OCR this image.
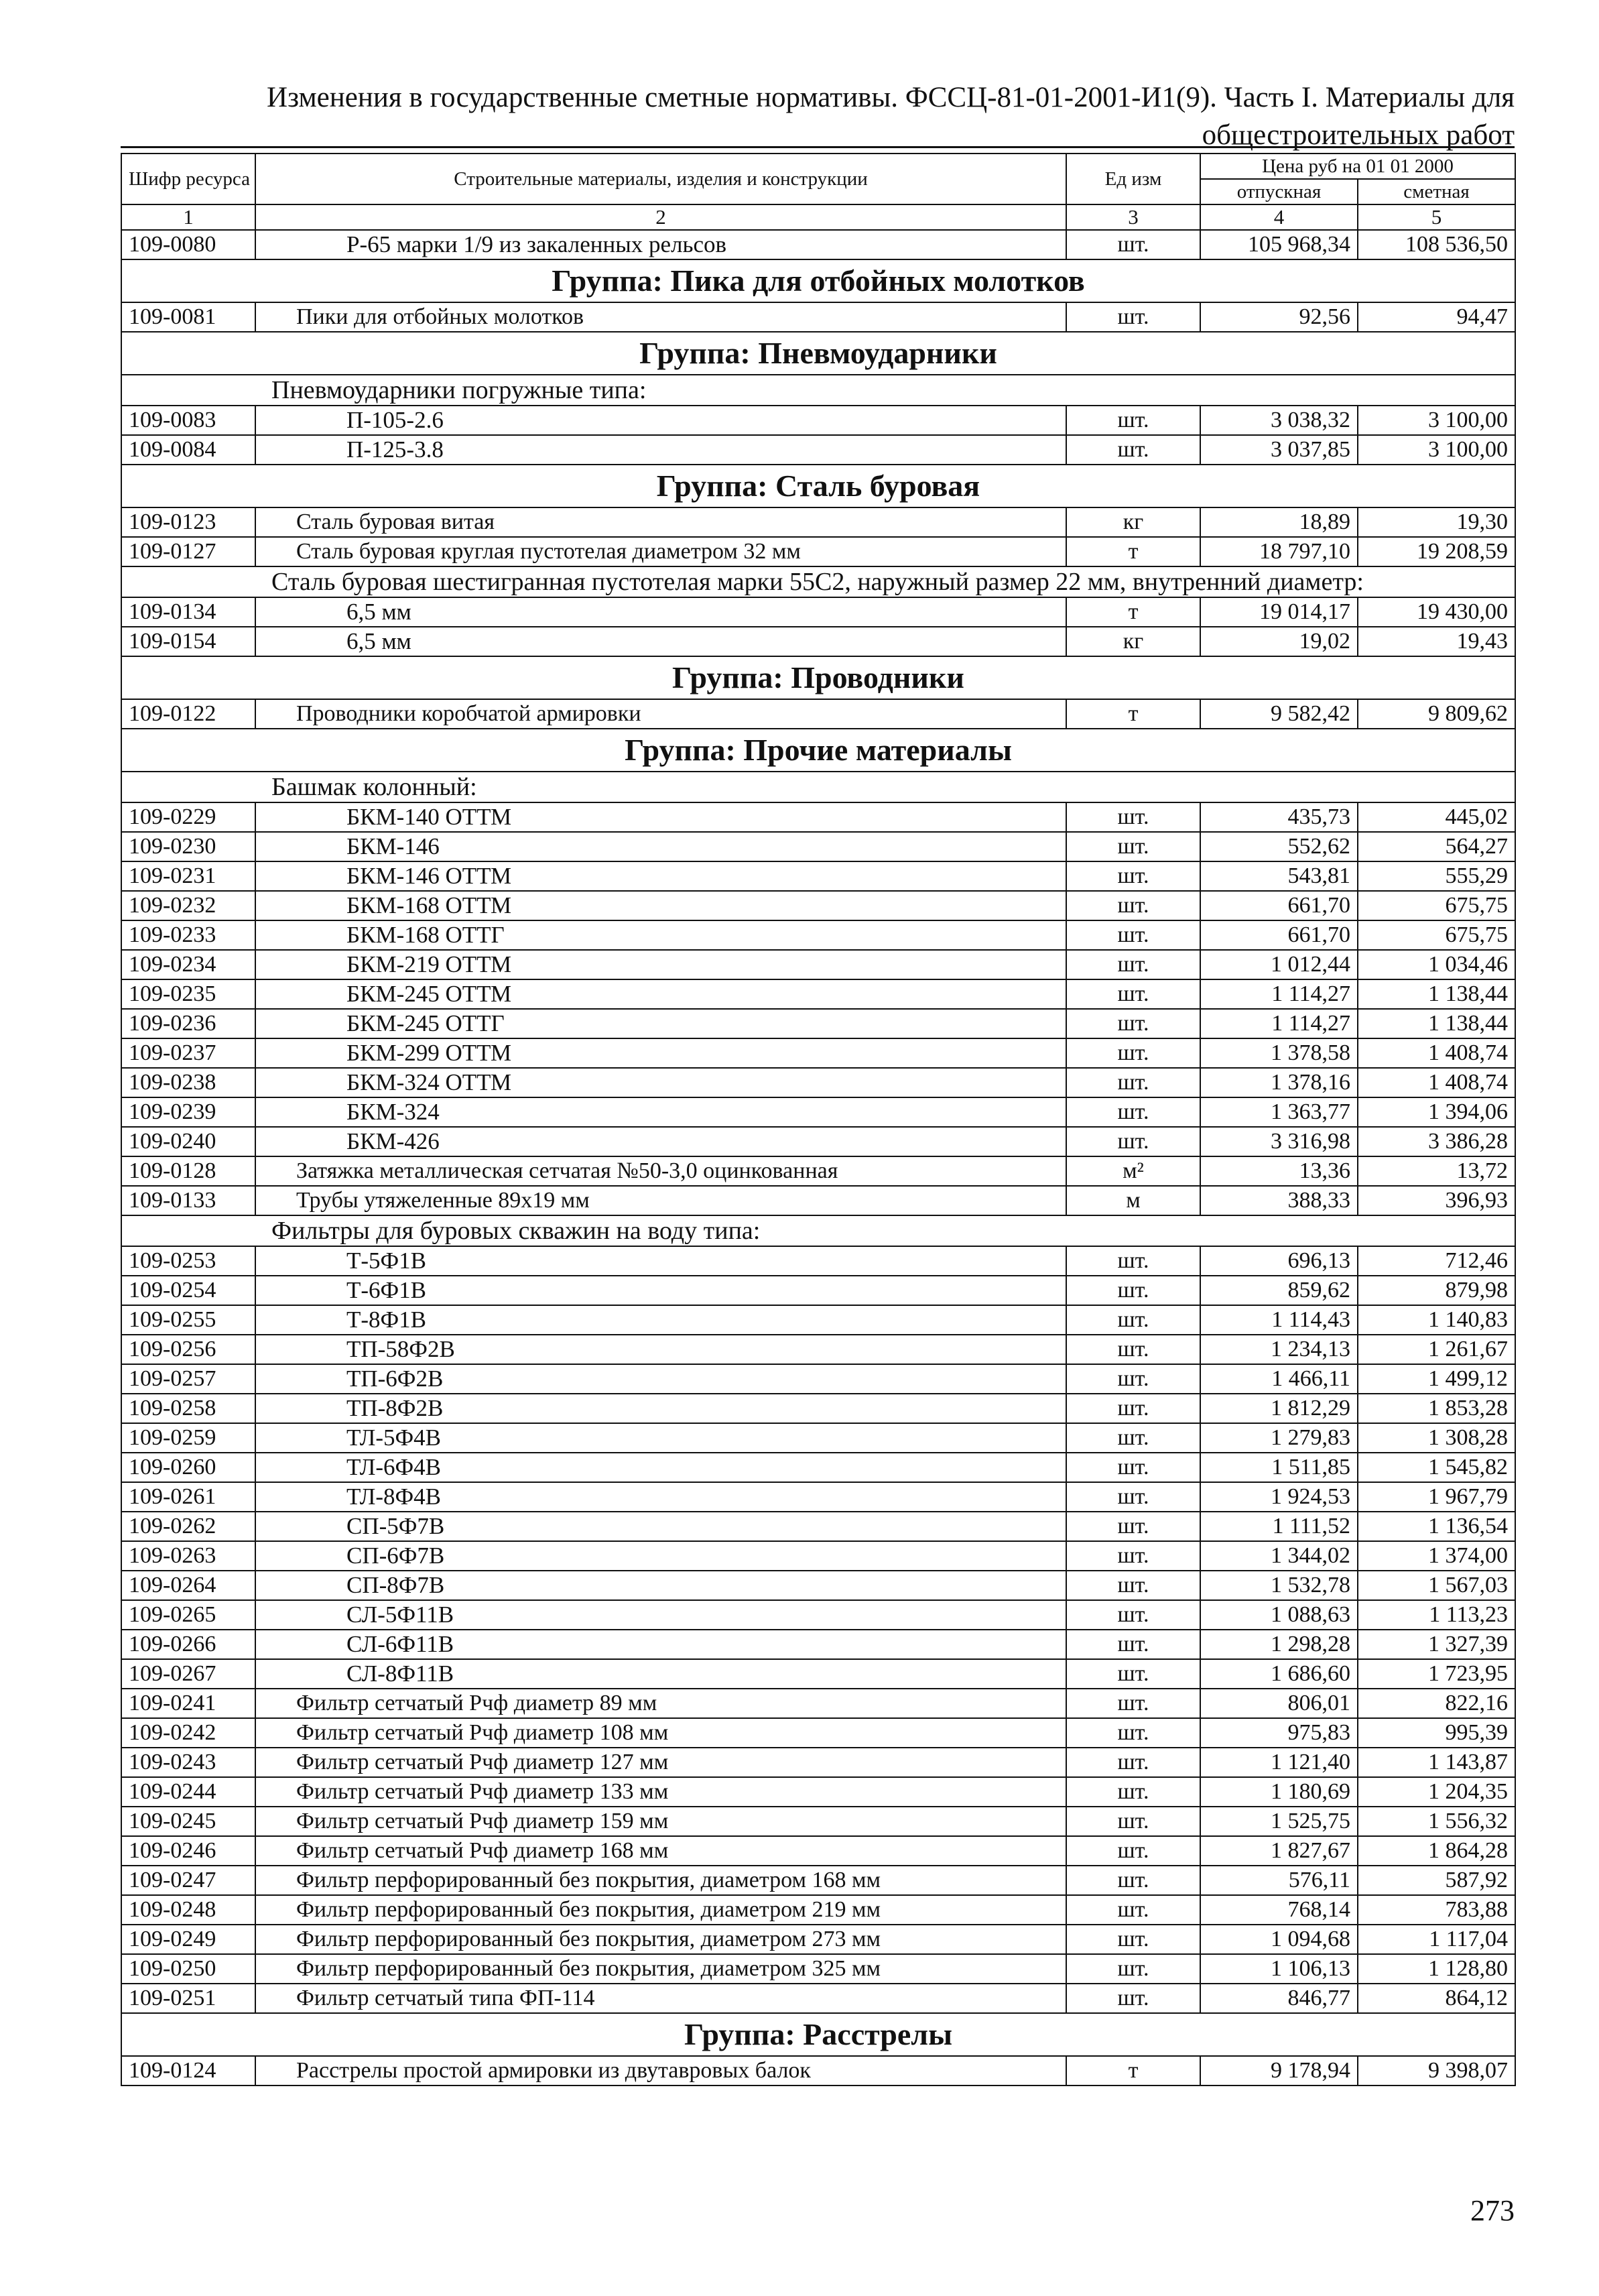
Изменения в государственные сметные нормативы. ФССЦ-81-01-2001-И1(9). Часть I. Материалы для
общестроительных работ
Шифр ресурса	Строительные материалы, изделия и конструкции	Ед изм	Цена руб на 01 01 2000	
			отпускная	сметная
1	2	3	4	5
109-0080	Р-65 марки 1/9 из закаленных рельсов	шт.	105 968,34	108 536,50
Группа: Пика для отбойных молотков				
109-0081	Пики для отбойных молотков	шт.	92,56	94,47
Группа: Пневмоударники				
Пневмоударники погружные типа:				
109-0083	П-105-2.6	шт.	3 038,32	3 100,00
109-0084	П-125-3.8	шт.	3 037,85	3 100,00
Группа: Сталь буровая				
109-0123	Сталь буровая витая	кг	18,89	19,30
109-0127	Сталь буровая круглая пустотелая диаметром 32 мм	т	18 797,10	19 208,59
Сталь буровая шестигранная пустотелая марки 55С2, наружный размер 22 мм, внутренний диаметр:				
109-0134	6,5 мм	т	19 014,17	19 430,00
109-0154	6,5 мм	кг	19,02	19,43
Группа: Проводники				
109-0122	Проводники коробчатой армировки	т	9 582,42	9 809,62
Группа: Прочие материалы				
Башмак колонный:				
109-0229	БКМ-140 ОТТМ	шт.	435,73	445,02
109-0230	БКМ-146	шт.	552,62	564,27
109-0231	БКМ-146 ОТТМ	шт.	543,81	555,29
109-0232	БКМ-168 ОТТМ	шт.	661,70	675,75
109-0233	БКМ-168 ОТТГ	шт.	661,70	675,75
109-0234	БКМ-219 ОТТМ	шт.	1 012,44	1 034,46
109-0235	БКМ-245 ОТТМ	шт.	1 114,27	1 138,44
109-0236	БКМ-245 ОТТГ	шт.	1 114,27	1 138,44
109-0237	БКМ-299 ОТТМ	шт.	1 378,58	1 408,74
109-0238	БКМ-324 ОТТМ	шт.	1 378,16	1 408,74
109-0239	БКМ-324	шт.	1 363,77	1 394,06
109-0240	БКМ-426	шт.	3 316,98	3 386,28
109-0128	Затяжка металлическая сетчатая №50-3,0 оцинкованная	м²	13,36	13,72
109-0133	Трубы утяжеленные 89х19 мм	м	388,33	396,93
Фильтры для буровых скважин на воду типа:				
109-0253	Т-5Ф1В	шт.	696,13	712,46
109-0254	Т-6Ф1В	шт.	859,62	879,98
109-0255	Т-8Ф1В	шт.	1 114,43	1 140,83
109-0256	ТП-58Ф2В	шт.	1 234,13	1 261,67
109-0257	ТП-6Ф2В	шт.	1 466,11	1 499,12
109-0258	ТП-8Ф2В	шт.	1 812,29	1 853,28
109-0259	ТЛ-5Ф4В	шт.	1 279,83	1 308,28
109-0260	ТЛ-6Ф4В	шт.	1 511,85	1 545,82
109-0261	ТЛ-8Ф4В	шт.	1 924,53	1 967,79
109-0262	СП-5Ф7В	шт.	1 111,52	1 136,54
109-0263	СП-6Ф7В	шт.	1 344,02	1 374,00
109-0264	СП-8Ф7В	шт.	1 532,78	1 567,03
109-0265	СЛ-5Ф11В	шт.	1 088,63	1 113,23
109-0266	СЛ-6Ф11В	шт.	1 298,28	1 327,39
109-0267	СЛ-8Ф11В	шт.	1 686,60	1 723,95
109-0241	Фильтр сетчатый Рчф диаметр 89 мм	шт.	806,01	822,16
109-0242	Фильтр сетчатый Рчф диаметр 108 мм	шт.	975,83	995,39
109-0243	Фильтр сетчатый Рчф диаметр 127 мм	шт.	1 121,40	1 143,87
109-0244	Фильтр сетчатый Рчф диаметр 133 мм	шт.	1 180,69	1 204,35
109-0245	Фильтр сетчатый Рчф диаметр 159 мм	шт.	1 525,75	1 556,32
109-0246	Фильтр сетчатый Рчф диаметр 168 мм	шт.	1 827,67	1 864,28
109-0247	Фильтр перфорированный без покрытия, диаметром 168 мм	шт.	576,11	587,92
109-0248	Фильтр перфорированный без покрытия, диаметром 219 мм	шт.	768,14	783,88
109-0249	Фильтр перфорированный без покрытия, диаметром 273 мм	шт.	1 094,68	1 117,04
109-0250	Фильтр перфорированный без покрытия, диаметром 325 мм	шт.	1 106,13	1 128,80
109-0251	Фильтр сетчатый типа ФП-114	шт.	846,77	864,12
Группа: Расстрелы				
109-0124	Расстрелы простой армировки из двутавровых балок	т	9 178,94	9 398,07
273
